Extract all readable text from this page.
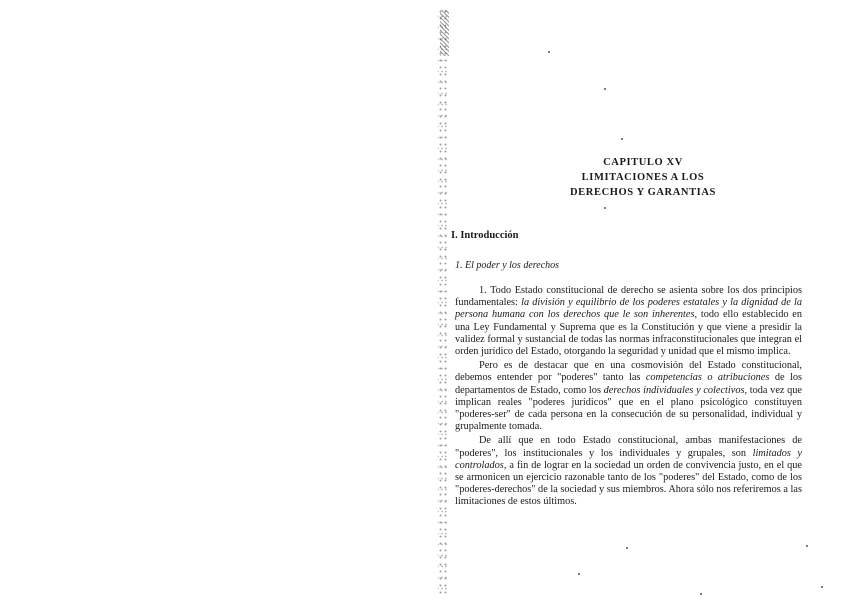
CAPITULO XV
LIMITACIONES A LOS
DERECHOS Y GARANTIAS
I. Introducción
1. El poder y los derechos

1. Todo Estado constitucional de derecho se asienta sobre los dos principios fundamentales: la división y equilibrio de los poderes estatales y la dignidad de la persona humana con los derechos que le son inherentes, todo ello establecido en una Ley Fundamental y Suprema que es la Constitución y que viene a presidir la validez formal y sustancial de todas las normas infraconstitucionales que integran el orden jurídico del Estado, otorgando la seguridad y unidad que el mismo implica.

Pero es de destacar que en una cosmovisión del Estado constitucional, debemos entender por "poderes" tanto las competencias o atribuciones de los departamentos de Estado, como los derechos individuales y colectivos, toda vez que implican reales "poderes jurídicos" que en el plano psicológico constituyen "poderes-ser" de cada persona en la consecución de su personalidad, individual y grupalmente tomada.

De allí que en todo Estado constitucional, ambas manifestaciones de "poderes", los institucionales y los individuales y grupales, son limitados y controlados, a fin de lograr en la sociedad un orden de convivencia justo, en el que se armonicen un ejercicio razonable tanto de los "poderes" del Estado, como de los "poderes-derechos" de la sociedad y sus miembros. Ahora sólo nos referiremos a las limitaciones de estos últimos.
